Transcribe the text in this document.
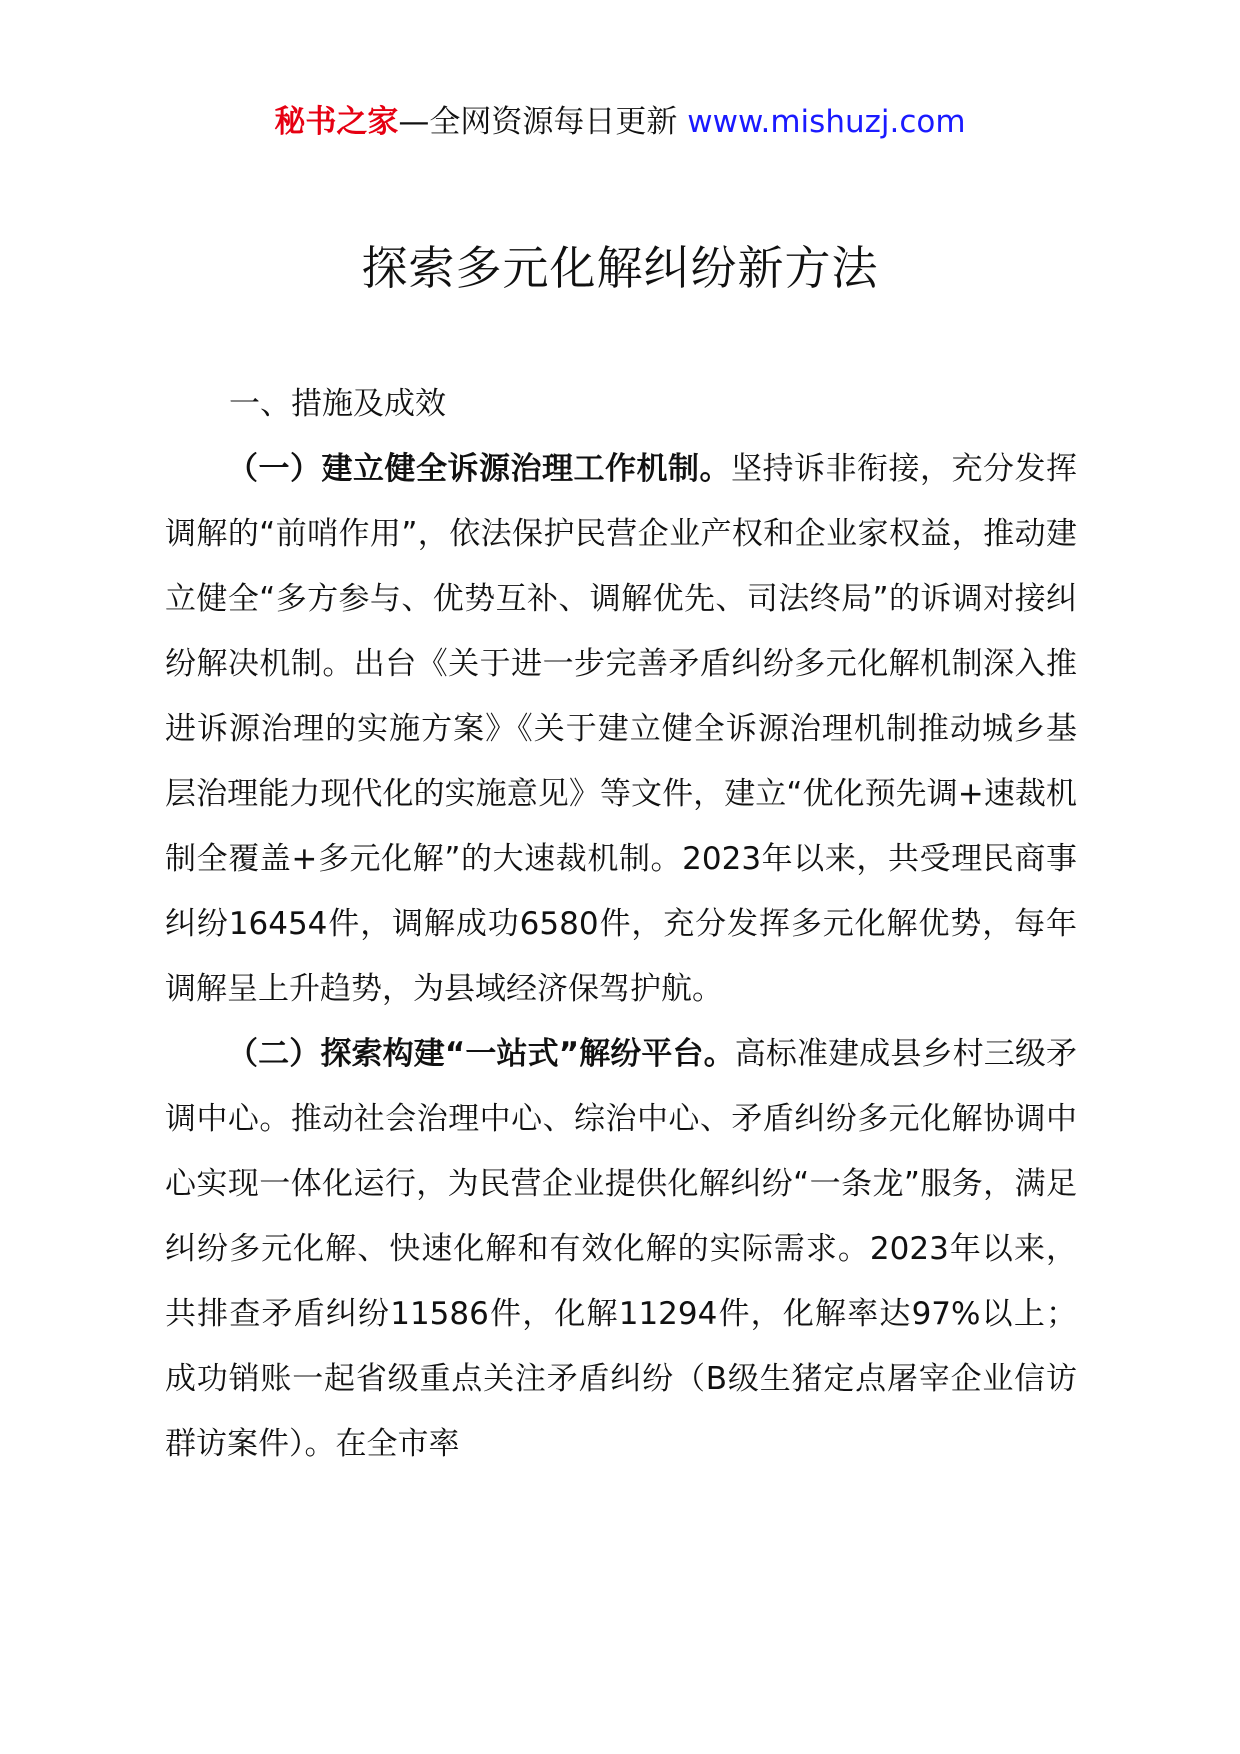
秘书之家—全网资源每日更新 www.mishuzj.com
探索多元化解纠纷新方法
一、措施及成效

（一）建立健全诉源治理工作机制。坚持诉非衔接，充分发挥调解的“前哨作用”，依法保护民营企业产权和企业家权益，推动建立健全“多方参与、优势互补、调解优先、司法终局”的诉调对接纠纷解决机制。出台《关于进一步完善矛盾纠纷多元化解机制深入推进诉源治理的实施方案》《关于建立健全诉源治理机制推动城乡基层治理能力现代化的实施意见》等文件，建立“优化预先调+速裁机制全覆盖+多元化解”的大速裁机制。2023年以来，共受理民商事纠纷16454件，调解成功6580件，充分发挥多元化解优势，每年调解呈上升趋势，为县域经济保驾护航。

（二）探索构建“一站式”解纷平台。高标准建成县乡村三级矛调中心。推动社会治理中心、综治中心、矛盾纠纷多元化解协调中心实现一体化运行，为民营企业提供化解纠纷“一条龙”服务，满足纠纷多元化解、快速化解和有效化解的实际需求。2023年以来，共排查矛盾纠纷11586件，化解11294件，化解率达97%以上；成功销账一起省级重点关注矛盾纠纷（B级生猪定点屠宰企业信访群访案件）。在全市率
